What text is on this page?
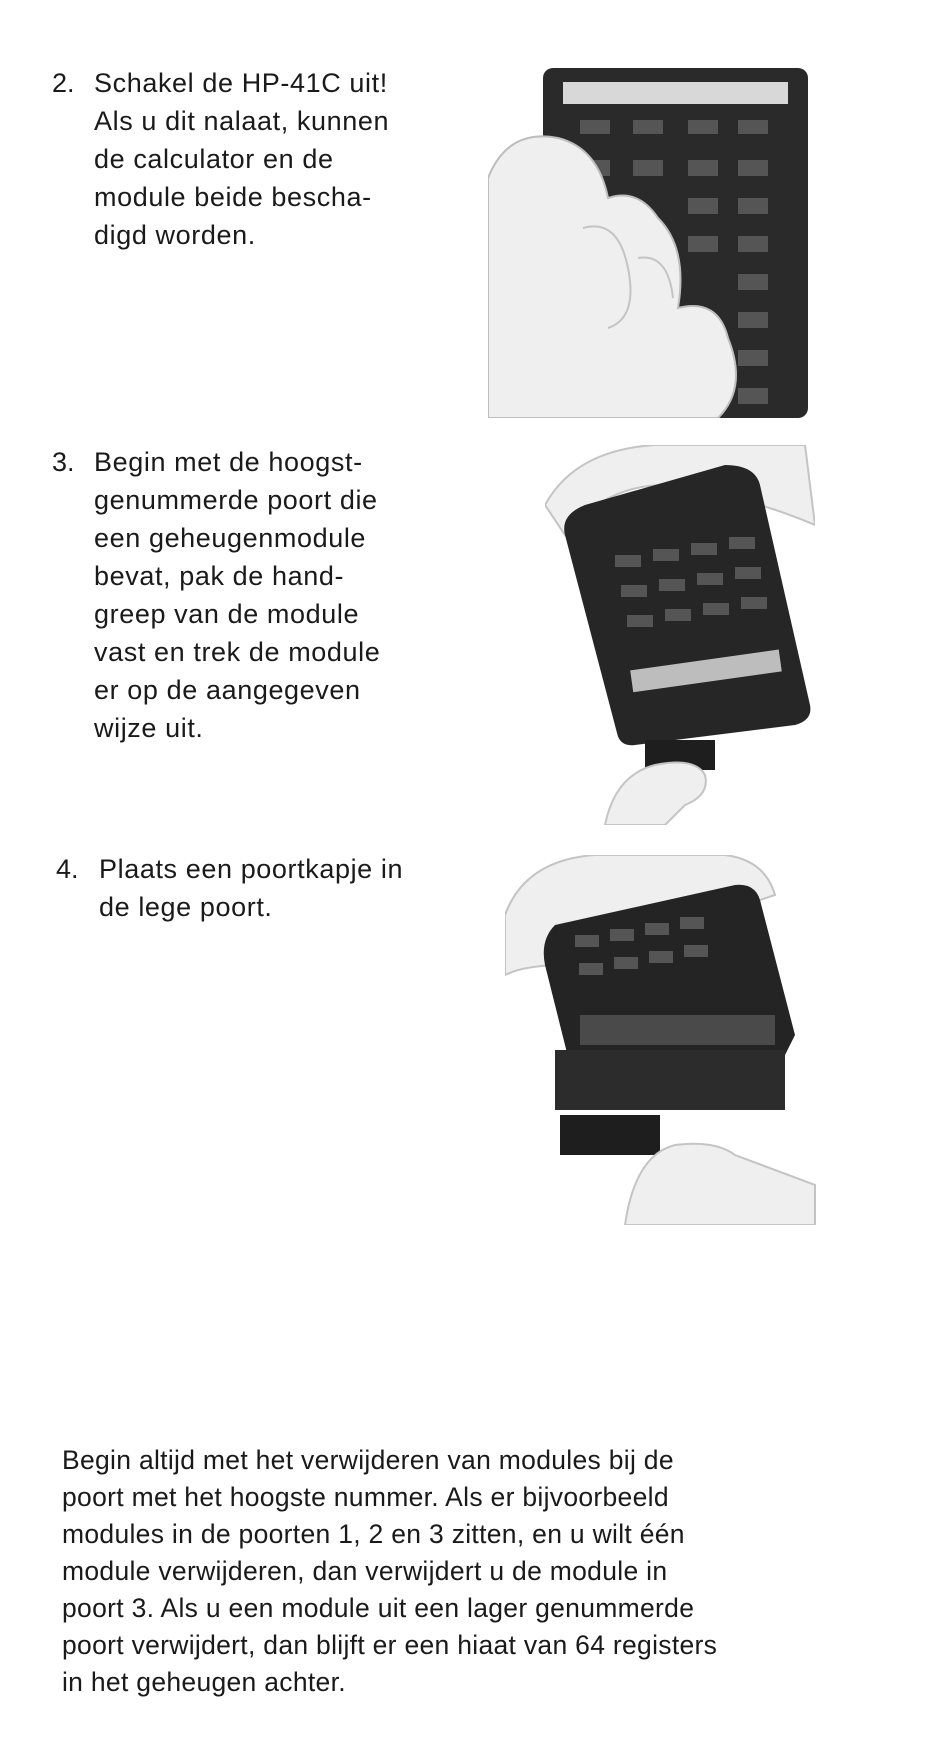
2. Schakel de HP-41C uit!
Als u dit nalaat, kunnen
de calculator en de
module beide bescha-
digd worden.
3. Begin met de hoogst-
genummerde poort die
een geheugenmodule
bevat, pak de hand-
greep van de module
vast en trek de module
er op de aangegeven
wijze uit.
4. Plaats een poortkapje in
de lege poort.
Begin altijd met het verwijderen van modules bij de
poort met het hoogste nummer. Als er bijvoorbeeld
modules in de poorten 1, 2 en 3 zitten, en u wilt één
module verwijderen, dan verwijdert u de module in
poort 3. Als u een module uit een lager genummerde
poort verwijdert, dan blijft er een hiaat van 64 registers
in het geheugen achter.
